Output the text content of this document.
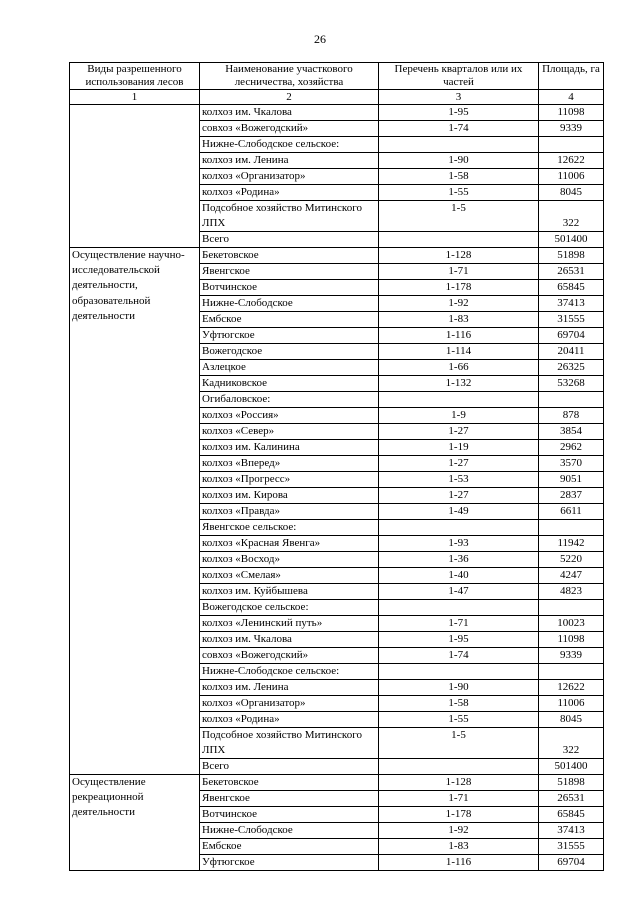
26
Виды разрешенного использования лесов	Наименование участкового лесничества, хозяйства	Перечень кварталов или их частей	Площадь, га
1	2	3	4
	колхоз им. Чкалова	1-95	11098
	совхоз «Вожегодский»	1-74	9339
	Нижне-Слободское сельское:		
	колхоз им. Ленина	1-90	12622
	колхоз «Организатор»	1-58	11006
	колхоз «Родина»	1-55	8045
	Подсобное хозяйство Митинского ЛПХ	1-5	322

	Всего		501400
Осуществление научно-исследовательской деятельности, образовательной деятельности	Бекетовское	1-128	51898
	Явенгское	1-71	26531
	Вотчинское	1-178	65845
	Нижне-Слободское	1-92	37413
	Ембское	1-83	31555
	Уфтюгское	1-116	69704
	Вожегодское	1-114	20411
	Азлецкое	1-66	26325
	Кадниковское	1-132	53268
	Огибаловское:		
	колхоз «Россия»	1-9	878
	колхоз «Север»	1-27	3854
	колхоз им. Калинина	1-19	2962
	колхоз «Вперед»	1-27	3570
	колхоз «Прогресс»	1-53	9051
	колхоз им. Кирова	1-27	2837
	колхоз «Правда»	1-49	6611
	Явенгское сельское:		
	колхоз «Красная Явенга»	1-93	11942
	колхоз «Восход»	1-36	5220
	колхоз «Смелая»	1-40	4247
	колхоз им. Куйбышева	1-47	4823
	Вожегодское сельское:		
	колхоз «Ленинский путь»	1-71	10023
	колхоз им. Чкалова	1-95	11098
	совхоз «Вожегодский»	1-74	9339
	Нижне-Слободское сельское:		
	колхоз им. Ленина	1-90	12622
	колхоз «Организатор»	1-58	11006
	колхоз «Родина»	1-55	8045
	Подсобное хозяйство Митинского ЛПХ	1-5	322

	Всего		501400
Осуществление рекреационной деятельности	Бекетовское	1-128	51898
	Явенгское	1-71	26531
	Вотчинское	1-178	65845
	Нижне-Слободское	1-92	37413
	Ембское	1-83	31555
	Уфтюгское	1-116	69704
